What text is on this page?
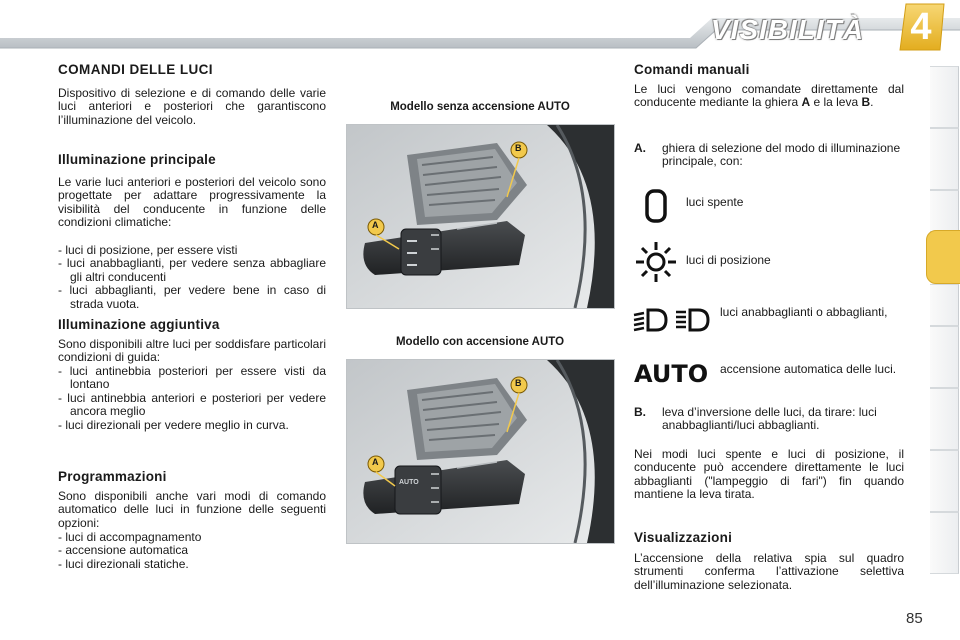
VISIBILITÀ 4
COMANDI DELLE LUCI
Dispositivo di selezione e di comando delle varie luci anteriori e posteriori che garantiscono l’illuminazione del veicolo.
Illuminazione principale
Le varie luci anteriori e posteriori del veicolo sono progettate per adattare progressivamente la visibilità del conducente in funzione delle condizioni climatiche:
- luci di posizione, per essere visti
- luci anabbaglianti, per vedere senza abbagliare gli altri conducenti
- luci abbaglianti, per vedere bene in caso di strada vuota.
Illuminazione aggiuntiva
Sono disponibili altre luci per soddisfare particolari condizioni di guida:
- luci antinebbia posteriori per essere visti da lontano
- luci antinebbia anteriori e posteriori per vedere ancora meglio
- luci direzionali per vedere meglio in curva.
Programmazioni
Sono disponibili anche vari modi di comando automatico delle luci in funzione delle seguenti opzioni:
- luci di accompagnamento
- accensione automatica
- luci direzionali statiche.
Modello senza accensione AUTO
B
A
Modello con accensione AUTO
B
A
AUTO
Comandi manuali
Le luci vengono comandate direttamente dal conducente mediante la ghiera A e la leva B.
A.	ghiera di selezione del modo di illuminazione principale, con:
luci spente
luci di posizione
luci anabbaglianti o abbaglianti,
AUTO accensione automatica delle luci.
B.	leva d’inversione delle luci, da tirare: luci anabbaglianti/luci abbaglianti.
Nei modi luci spente e luci di posizione, il conducente può accendere direttamente le luci abbaglianti ("lampeggio di fari") fin quando mantiene la leva tirata.
Visualizzazioni
L’accensione della relativa spia sul quadro strumenti conferma l’attivazione selettiva dell’illuminazione selezionata.
85
